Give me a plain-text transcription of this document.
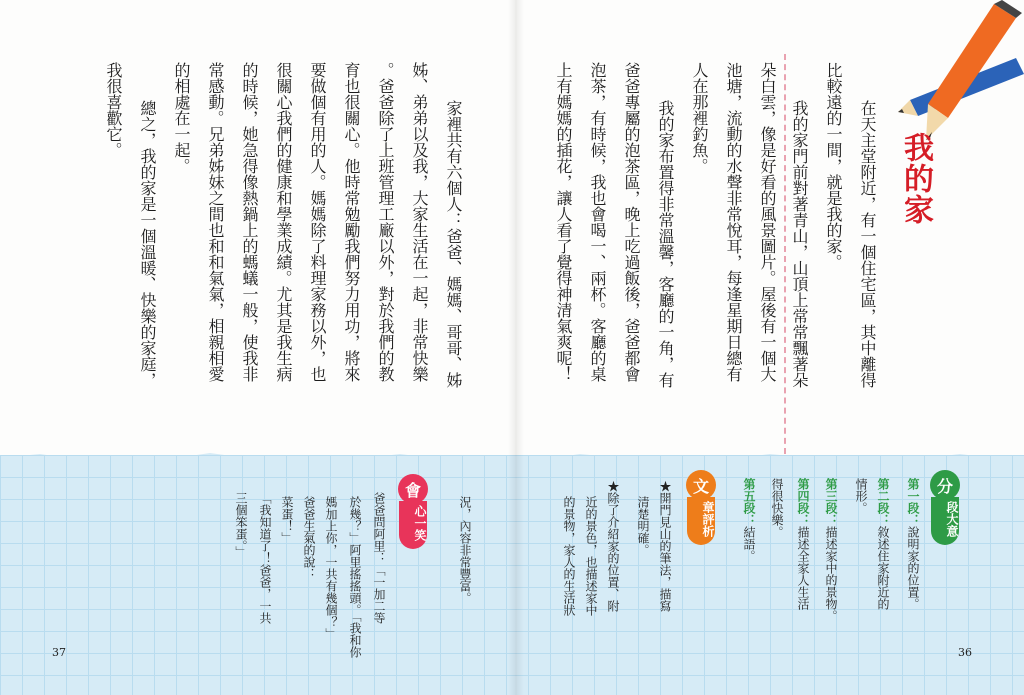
我的家
在天主堂附近，有一個住宅區，其中離得
比較遠的一間，就是我的家。
我的家門前對著青山，山頂上常常飄著朵
朵白雲，像是好看的風景圖片。屋後有一個大
池塘，流動的水聲非常悅耳，每逢星期日總有
人在那裡釣魚。
我的家布置得非常溫馨，客廳的一角，有
爸爸專屬的泡茶區，晚上吃過飯後，爸爸都會
泡茶，有時候，我也會喝一、兩杯。客廳的桌
上有媽媽的插花，讓人看了覺得神清氣爽呢！
家裡共有六個人：爸爸、媽媽、哥哥、姊
姊、弟弟以及我，大家生活在一起，非常快樂
。爸爸除了上班管理工廠以外，對於我們的教
育也很關心。他時常勉勵我們努力用功，將來
要做個有用的人。媽媽除了料理家務以外，也
很關心我們的健康和學業成績。尤其是我生病
的時候，她急得像熱鍋上的螞蟻一般，使我非
常感動。兄弟姊妹之間也和和氣氣，相親相愛
的相處在一起。
總之，我的家是一個溫暖、快樂的家庭，
我很喜歡它。
分
段大意
第一段：說明家的位置。
第二段：敘述住家附近的
情形。
第三段：描述家中的景物。
第四段：描述全家人生活
得很快樂。
第五段：結語。
文
章評析
★開門見山的筆法，描寫
清楚明確。
★除了介紹家的位置、附
近的景色，也描述家中
的景物，家人的生活狀
況，內容非常豐富。
會
心一笑
爸爸問阿里：「一加二等
於幾？」阿里搖搖頭。「我和你
媽加上你，一共有幾個？」
爸爸生氣的說：
菜蛋！」
「我知道了！爸爸，一共
三個笨蛋。」
37	36
